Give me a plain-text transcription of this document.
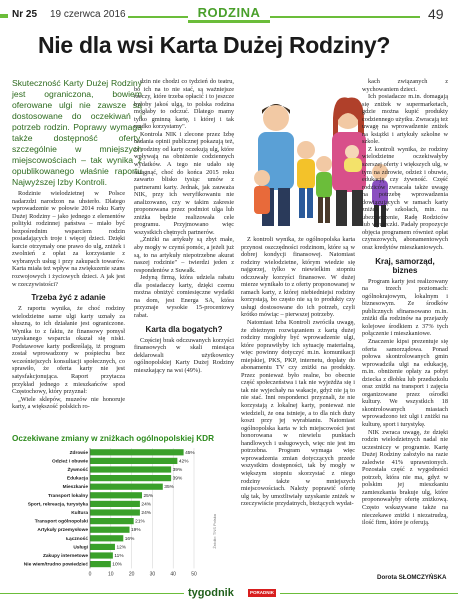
Nr 25 19 czerwca 2016	RODZINA	49
Nie dla wsi Karta Dużej Rodziny?
Skuteczność Karty Dużej Rodziny jest ograniczona, bowiem oferowane ulgi nie zawsze są dostosowane do oczekiwań i potrzeb rodzin. Poprawy wymaga także dostępność oferty, szczególnie w mniejszych miejscowościach – tak wynika z opublikowanego właśnie raportu Najwyższej Izby Kontroli.

Rodzinie wielodzietnej w Polsce nadarzdzi narodzon na uhsterło. Dlatego wprowadzenie w połowie 2014 roku Karty Dużej Rodziny – jako jednego z elementów polityki rodzinnej państwa – miało być bezpośrednim wsparciem rodzin posiadających troje i więcej dzieci. Dzięki karcie otrzymały one prawo do ulg, zniżek i zwolnień z opłat za korzystanie z wybranych usług i przy zakupach towarów. Karta miała też wpływ na zwiększenie szans rozwojowych i życiowych dzieci. A jak jest w rzeczywistości?

Trzeba żyć z adanie

Z raportu wynika, że choć rodziny wielodzietne same ulgi karty uznały za słuszną, to ich działanie jest ograniczone. Wynika to z faktu, że finansowy pomysł uzyskanego wsparcia okazał się niski. Podstawowe karty podkreślają, iż program został wprowadzony w pośpiechu bez wcześniejszych konsultacji społecznych, co sprawiło, że oferta karty nie jest satysfakcjonująca. Raport przytacza przykład jednego z mieszkańców spod Częstochowy, który przyznał:

„Wiele sklepów, muzeów nie honoruje karty, a większość polskich ro-

dzin nie chodzi co tydzień do teatru, bo ich na to nie stać, są ważniejsze rzeczy, które trzeba opłacić i to jeszcze byłoby jakoś ulgą, to polska rodzina mogłaby to odczuć. Dlatego mamy tylko gminną kartę, i której i tak rzadko korzystamy".

Kontrola NIK i zlecone przez Izbę badania opinii publicznej pokazują też, że rodziny od karty oczekują ulg, które wpływają na obniżenie codziennych wydatków. A tego nie udało się osiągnąć, choć do końca 2015 roku zawarto blisko tysiąc umów z partnerami karty. Jednak, jak zauważa NIK, przy ich weryfikowaniu nie analizowano, czy w takim zakresie proponowana przez podmiot ulga lub zniżka będzie realizowała cele programu. Przyjmowano więc wszystkich chętnych partnerów.

„Zniżki na artykuły są zbyt małe, aby mogły w czymś pomóc, a jeżeli już są, to na artykuły niepotrzebne akurat naszej rodzinie" – twierdzi jeden z respondentów z Suwałk.

Jedyną firmą, która udziela rabatu dla posiadaczy karty, dzięki czemu można obniżyć comiesięczne wydatki na dom, jest Energa SA, która przyznaje wysokie 15-procentowy rabat.

Karta dla bogatych?

Częściej brak odczuwanych korzyści finansowych w skali miesiąca deklarowali użytkownicy ogólnopolskiej Karty Dużej Rodziny mieszkający na wsi (49%).

Z kontroli wynika, że ogólnopolska karta przynosi oszczędności rodzinom, które są w dobrej kondycji finansowej. Natomiast rodziny wielodzietne, którym wiedzie się najgorzej, tylko w niewielkim stopniu odczuwały korzyści finansowe. W dużej mierze wynikało to z oferty proponowanej w ramach karty, z której niebiedniejsi rodziny korzystają, bo często nie są to produkty czy usługi dostosowane do ich potrzeb, czyli krótko mówiąc – pierwszej potrzeby.

Natomiast Izba Kontroli zwróciła uwagę, że zbieżnym rozwiązaniem z kartą dużej rodziny mogłoby być wprowadzenie ulgi, które poprawiłyby ich sytuację materialną, więc powinny dotyczyć m.in. komunikacji miejskiej, PKS, PKP, internetu, dopłaty do abonamentu TV czy zniżki na produkty. Przez ponieważ było realne, bo obecnie część społeczeństwa i tak nie wyjeżdża się i tak nie wyjechały na wakacje, gdyż nie ją to nie stać. Inni respondenci przyznali, że nie korzystają z lokalnej karty, ponieważ nie wiedzieli, że ona istnieje, a to dla nich duży koszt przy jej wyrabianiu. Natomiast ogólnopolska karta w ich miejscowości jest honorowana w niewielu punktach handlowych i usługowych, więc nie jest im potrzebna. Program wymaga więc wprowadzenia zmian dotyczących przede wszystkim dostępności, tak by mogły w większym stopniu skorzystać z niego rodziny także w mniejszych miejscowościach. Należy poprawić ofertę ulg tak, by umożliwiały uzyskanie zniżek w rzeczywiście przydatnych, bieżących wydat-

kach związanych z wychowaniem dzieci.

Ich posiadacze m.in. domagają się zniżek w supermarketach, gdzie można kupić produkty codziennego użytku. Zwracają też uwagę na wprowadzenie zniżek na książki i artykuły szkolne w szkole.

Z kontroli wynika, że rodziny wielodzietne oczekiwałyby szerszej oferty i większych ulg, w tym na zdrowie, odzież i obuwie, edukację czy żywność. Część rodziców zwracała także uwagę na potrzebę wprowadzenia dowiązujących w ramach karty zniżek w szkołach, min. na ubezpieczenie, Radę Rodziców lub wycieczki. Padały propozycje objęcia programem również opłat czynszowych, abonamentowych oraz kredytów mieszkaniowych.

Kraj, samorząd, biznes

Program karty jest realizowany na trzech poziomach: ogólnokrajowym, lokalnym i biznesowym. Ze środków publicznych sfinansowano m.in. zniżki dla rodzinów na przejazdy kolejowe środkiem z 37% tych połączenie i mieszkaniowe.

Znaczenie kipsi prezentuje się oferta samorządowa. Ponad połowa skontrolowanych gmin wprowadziła ulgi na edukację, m.in. obniżenie opłaty za pobyt dziecka z dłobku lub przedszkolu oraz zniżki na transport i zajęcia organizowane przez ośrodki kultury. We wszystkich 18 skontrolowanych miastach wprowadzono też ulgi i zniżki na kulturę, sport i turystykę.

NIK zwraca uwagę, że dzięki rodzin wielodzietnych nadal nie uczestniczy w programie. Kartę Dużej Rodziny założyło na razie zaledwie 41% uprawnionych. Pozostała część z wygodności potrzeb, która nie ma, gdyż w polskim jej mieszkaniu zamieszkania brakuje ulg, które proponowałyby ofertę zniżkową. Często wskazywane także na nieczekawe zniżki i niezatrudzą, ilość firm, które je oferują.

Dorota SŁOMCZYŃSKA
Oczekiwane zmiany w zniżkach ogólnopolskiej KDR
0	10	20	30	40	50
Zdrowie	45%
Odzież i obuwie	42%
Żywność	39%
Edukacja	39%
Mieszkanie	35%
Transport lokalny	25%
Sport, rekreacja, turystyka	24%
Kultura	24%
Transport ogólnopolski	21%
Artykuły przemysłowe	19%
Łączność	16%
Usługi	12%
Zakupy internetowe	11%
Nie wiem/trudno powiedzieć	10%
Źródło: TNS Polska
tygodnik	PORADNIK rolniczy
